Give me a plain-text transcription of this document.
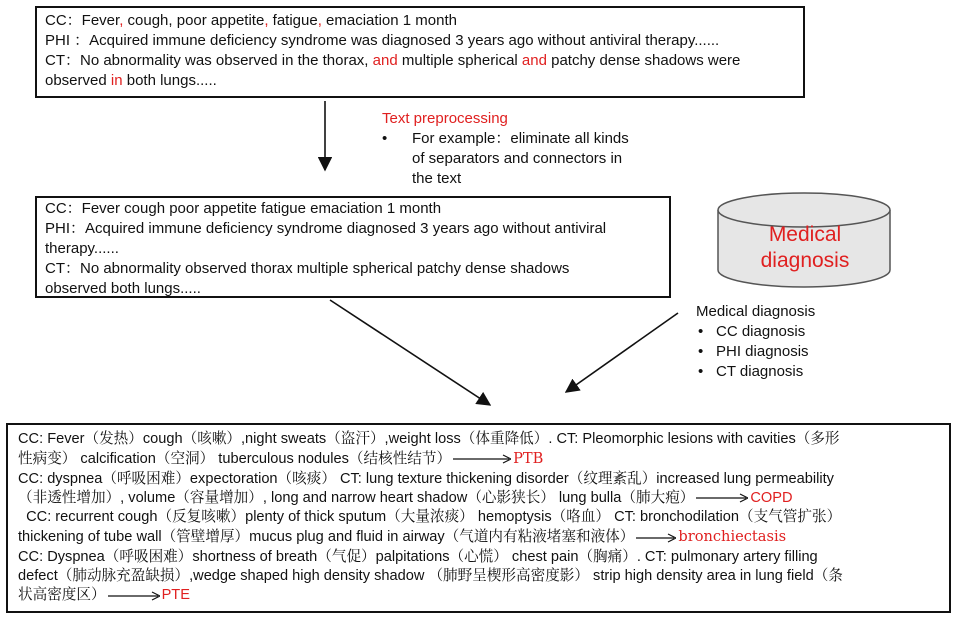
CC：Fever, cough, poor appetite, fatigue, emaciation 1 month
PHI ：Acquired immune deficiency syndrome was diagnosed 3 years ago without antiviral therapy......
CT：No abnormality was observed in the thorax, and multiple spherical and patchy dense shadows were
observed in both lungs.....
Text preprocessing
•	For example：eliminate all kinds
of separators and connectors in
the text
CC：Fever cough poor appetite fatigue emaciation 1 month
PHI：Acquired immune deficiency syndrome diagnosed 3 years ago without antiviral
therapy......
CT：No abnormality observed thorax multiple spherical patchy dense shadows
observed both lungs.....
Medical
diagnosis
Medical diagnosis
• CC diagnosis
• PHI diagnosis
• CT diagnosis
CC: Fever（发热）cough（咳嗽）,night sweats（盗汗）,weight loss（体重降低）. CT: Pleomorphic lesions with cavities（多形
性病变） calcification（空洞） tuberculous nodules（结核性结节）	PTB
CC: dyspnea（呼吸困难）expectoration（咳痰） CT: lung texture thickening disorder（纹理紊乱）increased lung permeability
（非透性增加）, volume（容量增加）, long and narrow heart shadow（心影狭长） lung bulla（肺大疱）	COPD
CC: recurrent cough（反复咳嗽）plenty of thick sputum（大量浓痰） hemoptysis（咯血） CT: bronchodilation（支气管扩张）
thickening of tube wall（管壁增厚）mucus plug and fluid in airway（气道内有粘液堵塞和液体）	bronchiectasis
CC: Dyspnea（呼吸困难）shortness of breath（气促）palpitations（心慌） chest pain（胸痛）. CT: pulmonary artery filling
defect（肺动脉充盈缺损）,wedge shaped high density shadow （肺野呈楔形高密度影） strip high density area in lung field（条
状高密度区）	PTE
